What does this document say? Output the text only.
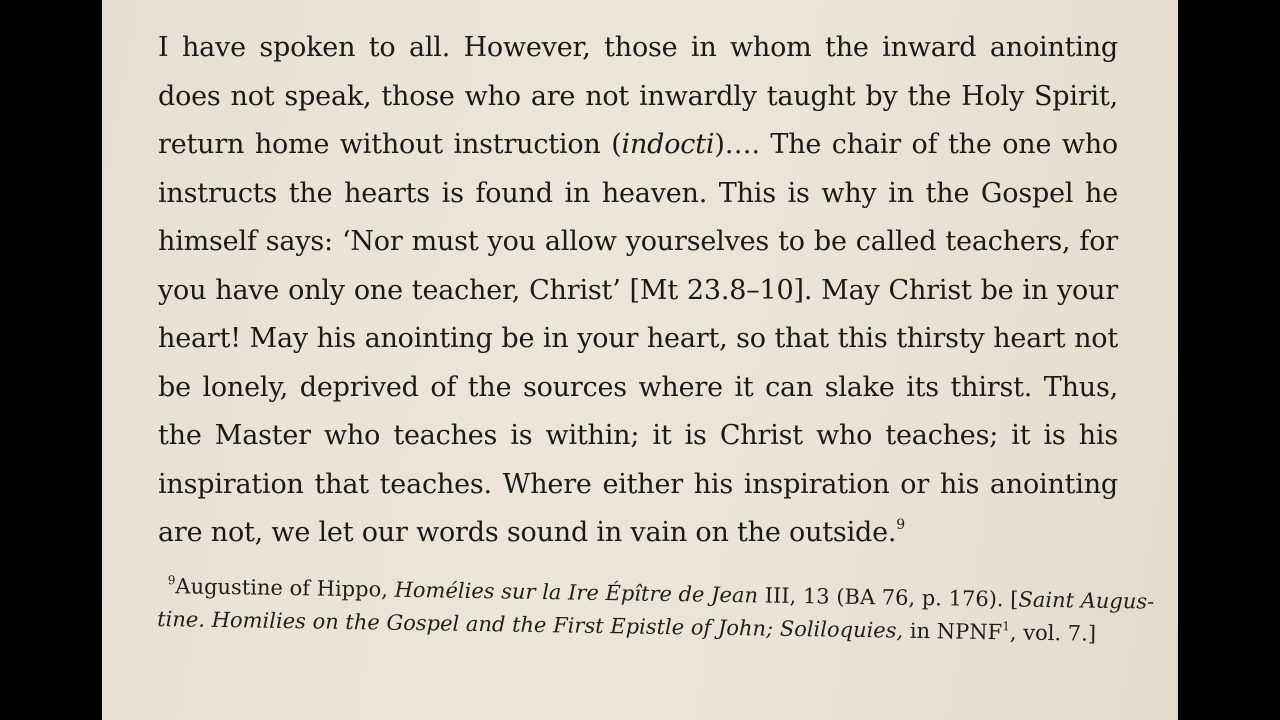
I have spoken to all. However, those in whom the inward anointing
does not speak, those who are not inwardly taught by the Holy Spirit,
return home without instruction (indocti)…. The chair of the one who
instructs the hearts is found in heaven. This is why in the Gospel he
himself says: ‘Nor must you allow yourselves to be called teachers, for
you have only one teacher, Christ’ [Mt 23.8–10]. May Christ be in your
heart! May his anointing be in your heart, so that this thirsty heart not
be lonely, deprived of the sources where it can slake its thirst. Thus,
the Master who teaches is within; it is Christ who teaches; it is his
inspiration that teaches. Where either his inspiration or his anointing
are not, we let our words sound in vain on the outside.$^9$

$^9$Augustine of Hippo, Homélies sur la Ire Épître de Jean III, 13 (BA 76, p. 176). [Saint Augus-
tine. Homilies on the Gospel and the First Epistle of John; Soliloquies, in NPNF$^1$, vol. 7.]
